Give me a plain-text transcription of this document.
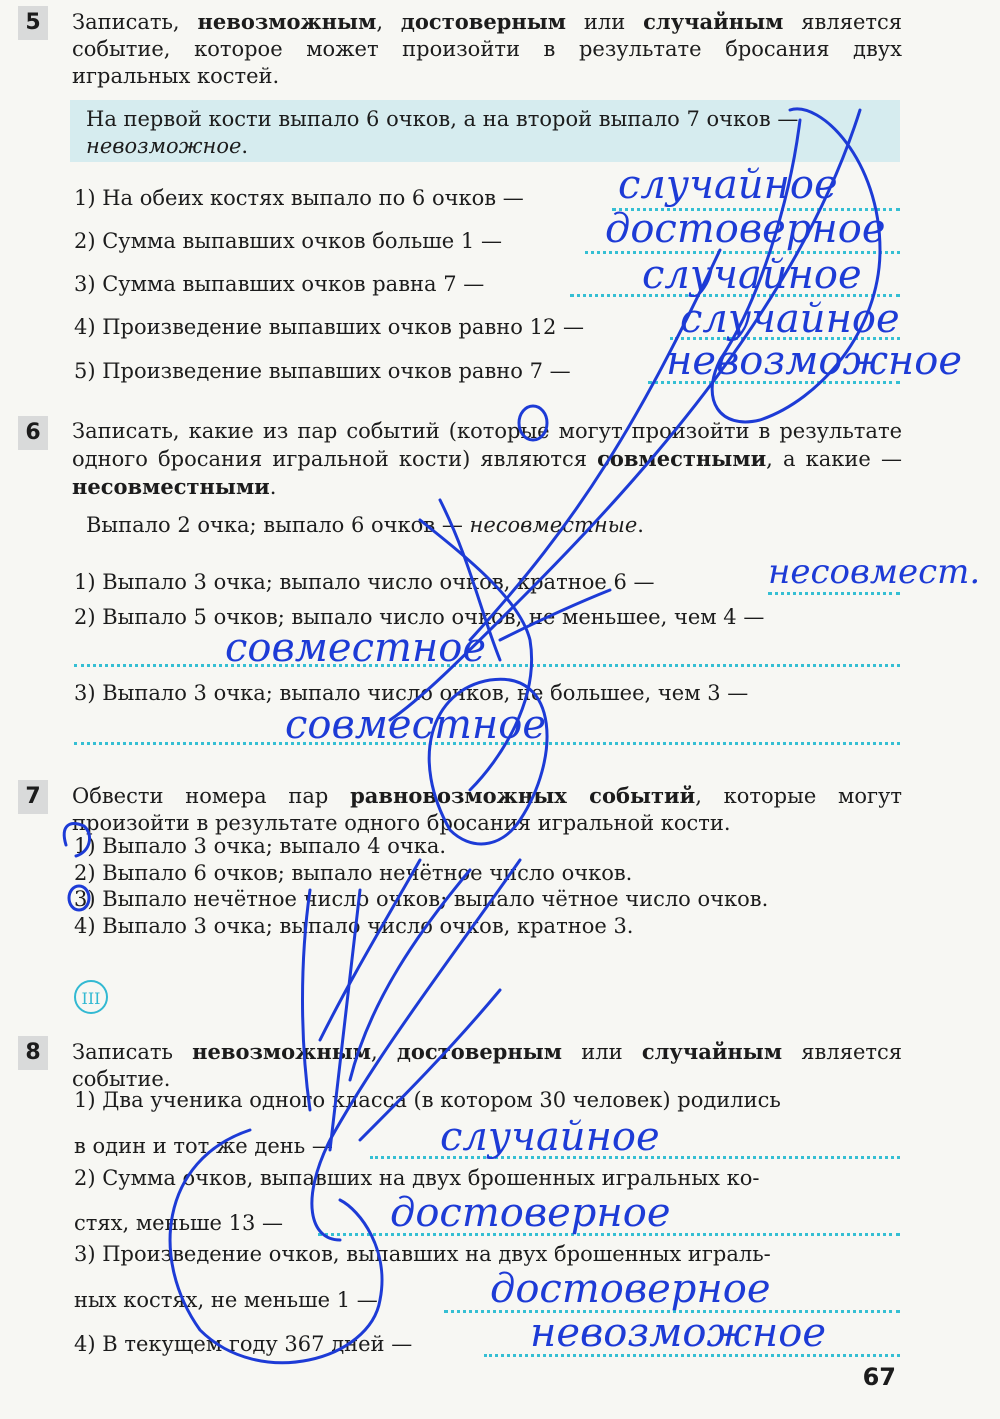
5	Записать, невозможным, достоверным или случайным является событие, которое может произойти в результате бросания двух игральных костей.

На первой кости выпало 6 очков, а на второй выпало 7 очков — невозможное.

1) На обеих костях выпало по 6 очков — случайное
2) Сумма выпавших очков больше 1 —	достоверное
3) Сумма выпавших очков равна 7 —	случайное
4) Произведение выпавших очков равно 12 — случайное
5) Произведение выпавших очков равно 7 — невозможное
6	Записать, какие из пар событий (которые могут произойти в результате одного бросания игральной кости) являются совместными, а какие — несовместными.

Выпало 2 очка; выпало 6 очков — несовместные.

1) Выпало 3 очка; выпало число очков, кратное 6 —	несовмест.
2) Выпало 5 очков; выпало число очков, не меньшее, чем 4 —
совместное
3) Выпало 3 очка; выпало число очков, не большее, чем 3 —
совместное
7	Обвести номера пар равновозможных событий, которые могут произойти в результате одного бросания игральной кости.

1) Выпало 3 очка; выпало 4 очка.
2) Выпало 6 очков; выпало нечётное число очков.
3) Выпало нечётное число очков; выпало чётное число очков.
4) Выпало 3 очка; выпало число очков, кратное 3.
III
8	Записать невозможным, достоверным или случайным является событие.

1) Два ученика одного класса (в котором 30 человек) родились
в один и тот же день —	случайное
2) Сумма очков, выпавших на двух брошенных игральных ко-
стях, меньше 13 —	достоверное
3) Произведение очков, выпавших на двух брошенных играль-
ных костях, не меньше 1 —	достоверное
4) В текущем году 367 дней —	невозможное
67
